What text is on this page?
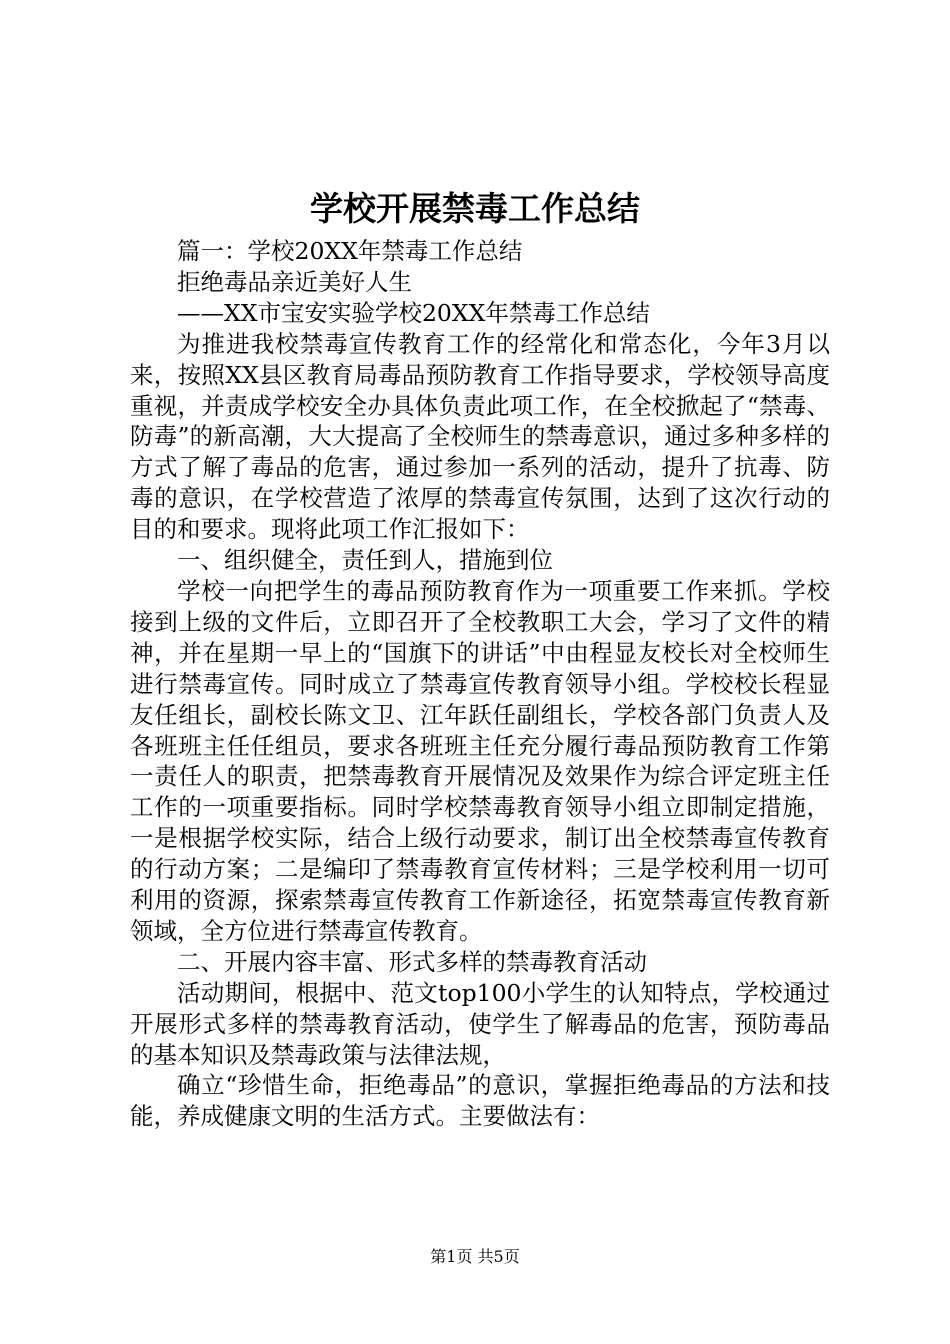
学校开展禁毒工作总结

篇一：学校20XX年禁毒工作总结

拒绝毒品亲近美好人生

——XX市宝安实验学校20XX年禁毒工作总结

为推进我校禁毒宣传教育工作的经常化和常态化，今年3月以来，按照XX县区教育局毒品预防教育工作指导要求，学校领导高度重视，并责成学校安全办具体负责此项工作，在全校掀起了“禁毒、防毒”的新高潮，大大提高了全校师生的禁毒意识，通过多种多样的方式了解了毒品的危害，通过参加一系列的活动，提升了抗毒、防毒的意识，在学校营造了浓厚的禁毒宣传氛围，达到了这次行动的目的和要求。现将此项工作汇报如下：

一、组织健全，责任到人，措施到位

学校一向把学生的毒品预防教育作为一项重要工作来抓。学校接到上级的文件后，立即召开了全校教职工大会，学习了文件的精神，并在星期一早上的“国旗下的讲话”中由程显友校长对全校师生进行禁毒宣传。同时成立了禁毒宣传教育领导小组。学校校长程显友任组长，副校长陈文卫、江年跃任副组长，学校各部门负责人及各班班主任任组员，要求各班班主任充分履行毒品预防教育工作第一责任人的职责，把禁毒教育开展情况及效果作为综合评定班主任工作的一项重要指标。同时学校禁毒教育领导小组立即制定措施，一是根据学校实际，结合上级行动要求，制订出全校禁毒宣传教育的行动方案；二是编印了禁毒教育宣传材料；三是学校利用一切可利用的资源，探索禁毒宣传教育工作新途径，拓宽禁毒宣传教育新领域，全方位进行禁毒宣传教育。

二、开展内容丰富、形式多样的禁毒教育活动

活动期间，根据中、范文top100小学生的认知特点，学校通过开展形式多样的禁毒教育活动，使学生了解毒品的危害，预防毒品的基本知识及禁毒政策与法律法规，

确立“珍惜生命，拒绝毒品”的意识，掌握拒绝毒品的方法和技能，养成健康文明的生活方式。主要做法有：

第1页 共5页
